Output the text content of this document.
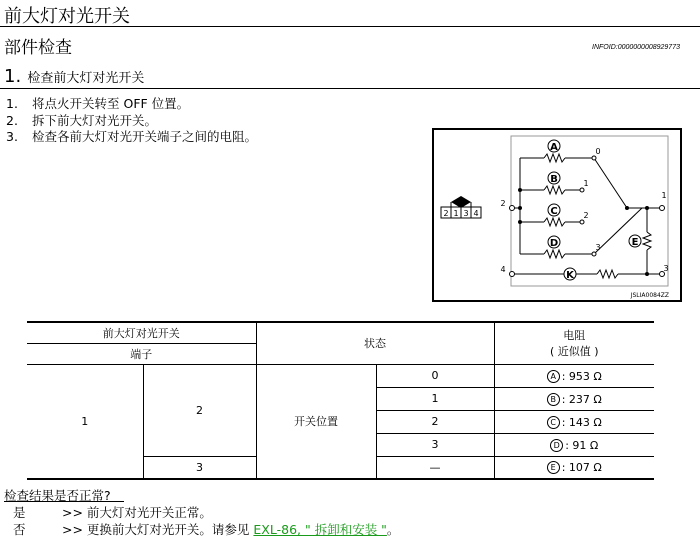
前大灯对光开关
部件检查	INFOID:0000000008929773
1. 检查前大灯对光开关
1. 将点火开关转至 OFF 位置。
2. 拆下前大灯对光开关。
3. 检查各前大灯对光开关端子之间的电阻。
A
B
C
D	E
K
0
1
2
3
2
1
4	3
2 1 3 4
JSLIA0084ZZ
前大灯对光开关		状态		电阻
( 近似值 )

端子				
1	2	开关位置	0	A : 953 Ω

			1	B : 237 Ω

			2	C : 143 Ω

			3	D : 91 Ω

	3		—	E : 107 Ω
检查结果是否正常?
是	>> 前大灯对光开关正常。
否	>> 更换前大灯对光开关。请参见 EXL-86, " 拆卸和安装 "。
